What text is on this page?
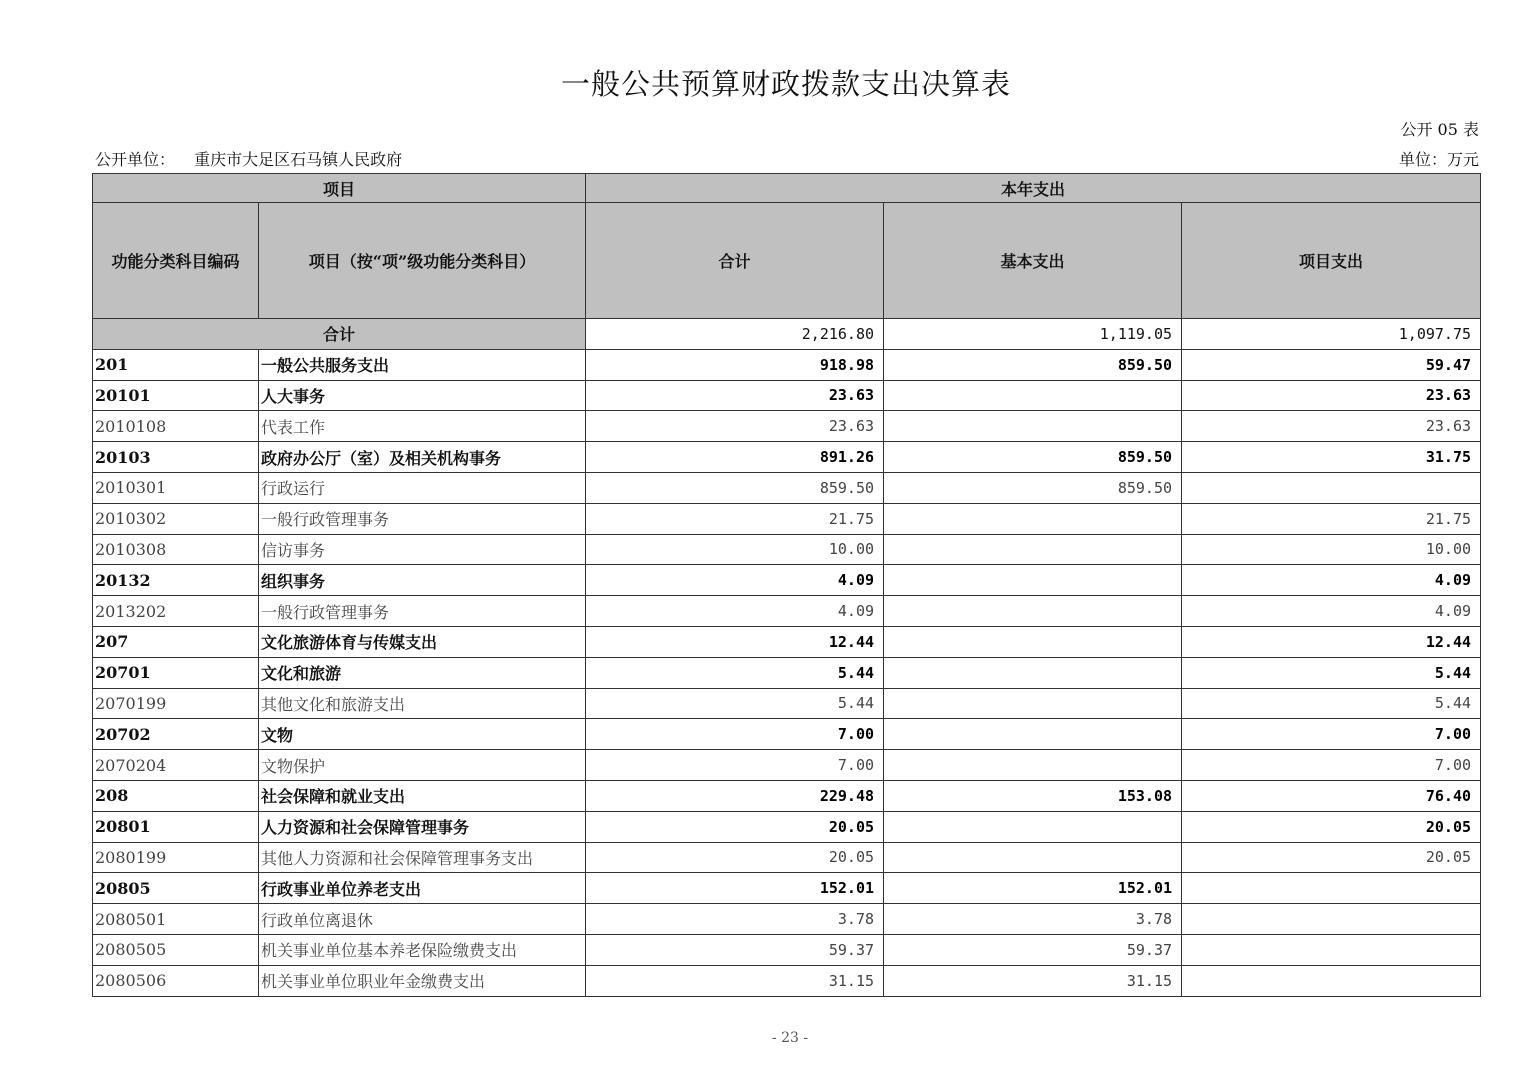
一般公共预算财政拨款支出决算表
公开 05 表
公开单位： 重庆市大足区石马镇人民政府	单位：万元
项目		本年支出		
功能分类科目编码	项目（按“项”级功能分类科目）	合计	基本支出	项目支出
合计		2,216.80	1,119.05	1,097.75
201	一般公共服务支出	918.98	859.50	59.47
20101	人大事务	23.63		23.63
2010108	代表工作	23.63		23.63
20103	政府办公厅（室）及相关机构事务	891.26	859.50	31.75
2010301	行政运行	859.50	859.50	
2010302	一般行政管理事务	21.75		21.75
2010308	信访事务	10.00		10.00
20132	组织事务	4.09		4.09
2013202	一般行政管理事务	4.09		4.09
207	文化旅游体育与传媒支出	12.44		12.44
20701	文化和旅游	5.44		5.44
2070199	其他文化和旅游支出	5.44		5.44
20702	文物	7.00		7.00
2070204	文物保护	7.00		7.00
208	社会保障和就业支出	229.48	153.08	76.40
20801	人力资源和社会保障管理事务	20.05		20.05
2080199	其他人力资源和社会保障管理事务支出	20.05		20.05
20805	行政事业单位养老支出	152.01	152.01	
2080501	行政单位离退休	3.78	3.78	
2080505	机关事业单位基本养老保险缴费支出	59.37	59.37	
2080506	机关事业单位职业年金缴费支出	31.15	31.15	
- 23 -
